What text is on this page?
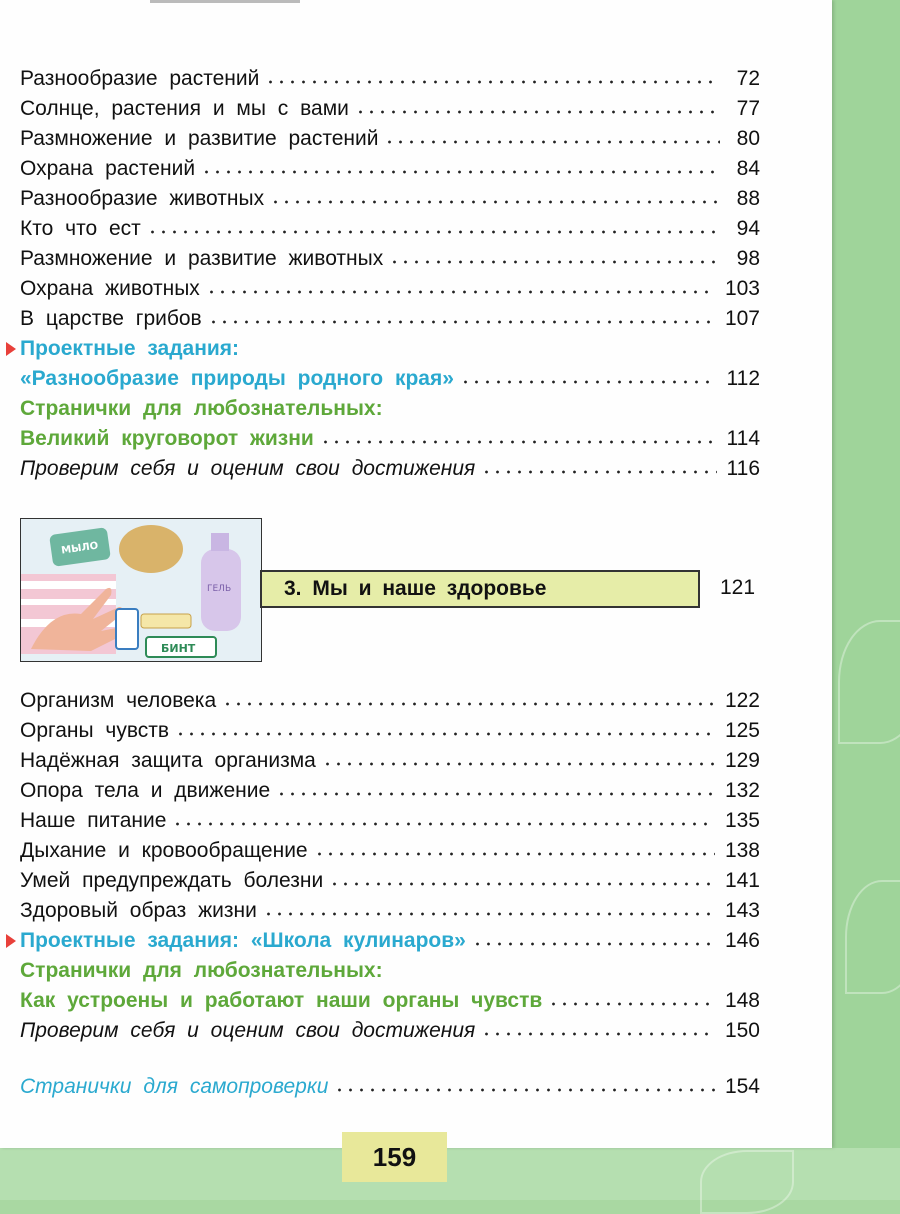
Разнообразие растений	72
Солнце, растения и мы с вами	77
Размножение и развитие растений	80
Охрана растений	84
Разнообразие животных	88
Кто что ест	94
Размножение и развитие животных	98
Охрана животных	103
В царстве грибов	107
Проектные задания:
«Разнообразие природы родного края»	112
Странички для любознательных:
Великий круговорот жизни	114
Проверим себя и оценим свои достижения	116
МЫЛО
ГЕЛЬ
БИНТ
3. Мы и наше здоровье	121
Организм человека	122
Органы чувств	125
Надёжная защита организма	129
Опора тела и движение	132
Наше питание	135
Дыхание и кровообращение	138
Умей предупреждать болезни	141
Здоровый образ жизни	143
Проектные задания: «Школа кулинаров»	146
Странички для любознательных:
Как устроены и работают наши органы чувств	148
Проверим себя и оценим свои достижения	150
Странички для самопроверки	154
159
